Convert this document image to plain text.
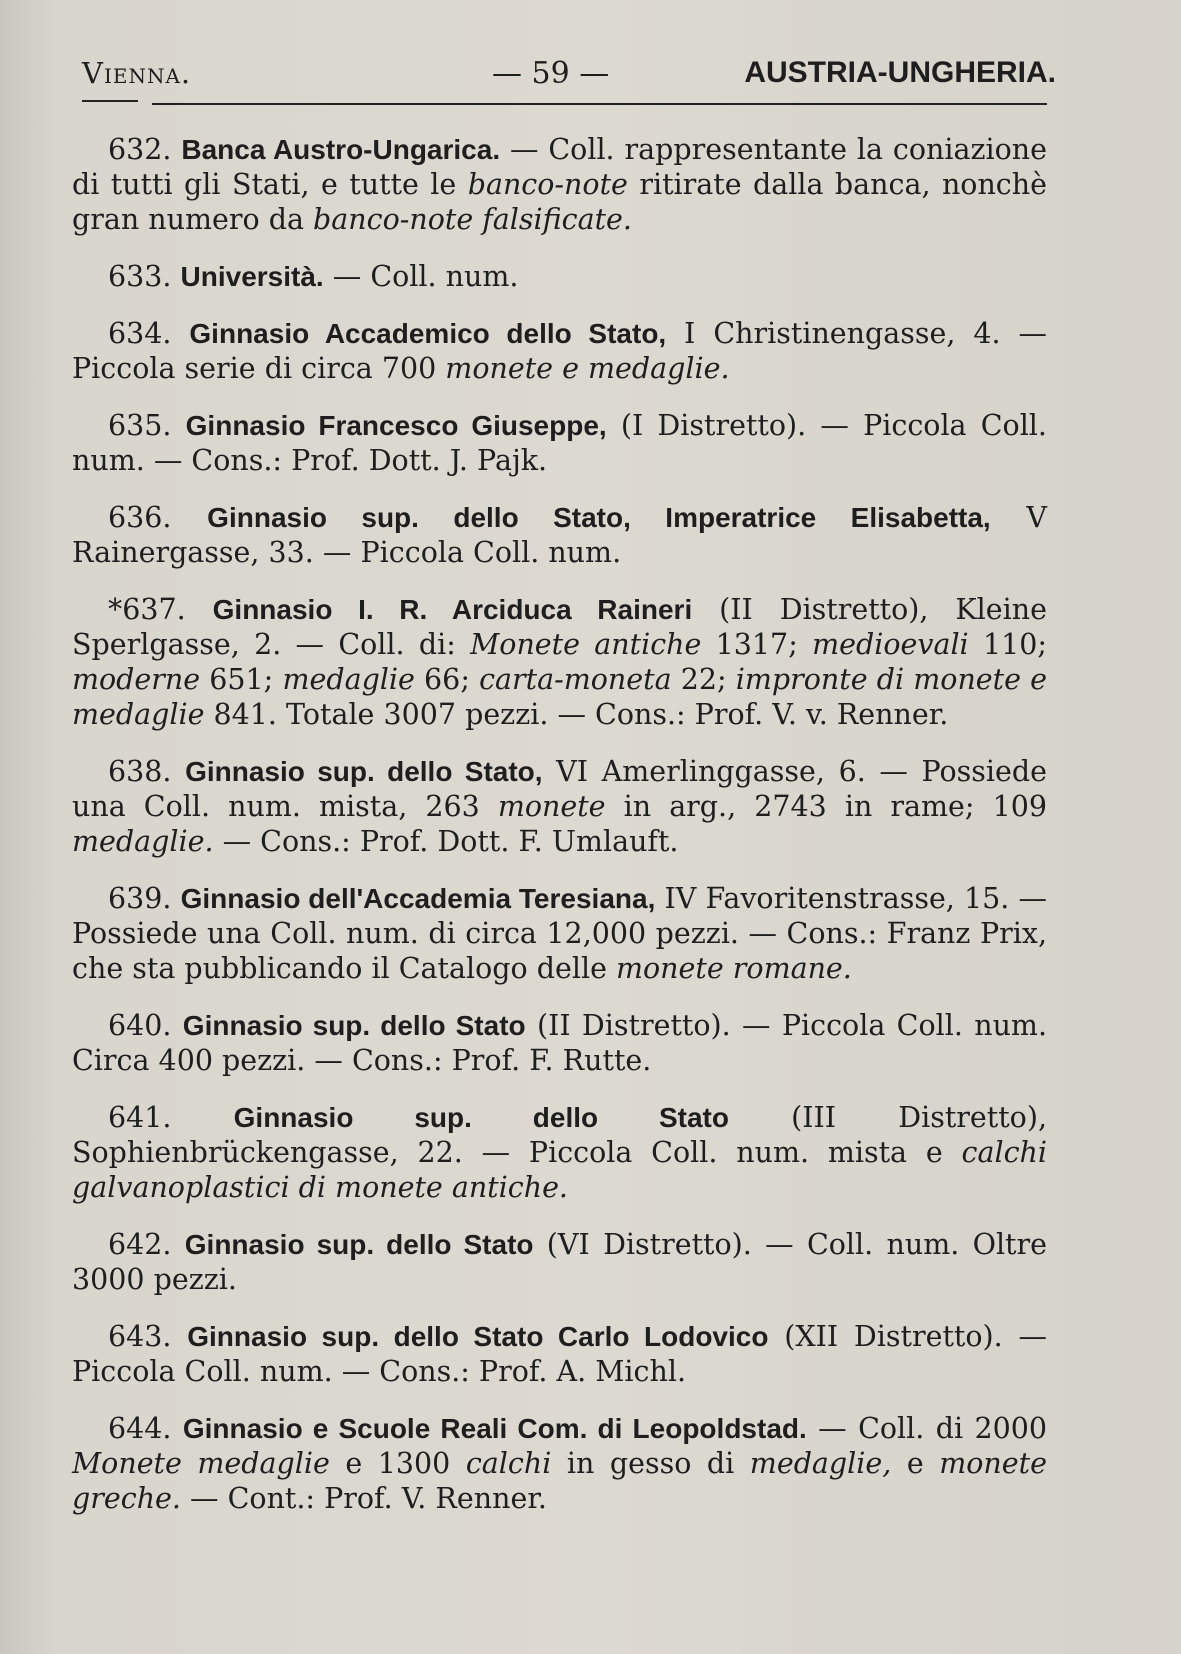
Vienna.	— 59 —	AUSTRIA-UNGHERIA.

632. Banca Austro-Ungarica. — Coll. rappresentante la coniazione di tutti gli Stati, e tutte le banco-note ritirate dalla banca, nonchè gran numero da banco-note falsificate.

633. Università. — Coll. num.

634. Ginnasio Accademico dello Stato, I Christinengasse, 4. — Piccola serie di circa 700 monete e medaglie.

635. Ginnasio Francesco Giuseppe, (I Distretto). — Piccola Coll. num. — Cons.: Prof. Dott. J. Pajk.

636. Ginnasio sup. dello Stato, Imperatrice Elisabetta, V Rainergasse, 33. — Piccola Coll. num.

*637. Ginnasio I. R. Arciduca Raineri (II Distretto), Kleine Sperlgasse, 2. — Coll. di: Monete antiche 1317; medioevali 110; moderne 651; medaglie 66; carta-moneta 22; impronte di monete e medaglie 841. Totale 3007 pezzi. — Cons.: Prof. V. v. Renner.

638. Ginnasio sup. dello Stato, VI Amerlinggasse, 6. — Possiede una Coll. num. mista, 263 monete in arg., 2743 in rame; 109 medaglie. — Cons.: Prof. Dott. F. Umlauft.

639. Ginnasio dell'Accademia Teresiana, IV Favoritenstrasse, 15. — Possiede una Coll. num. di circa 12,000 pezzi. — Cons.: Franz Prix, che sta pubblicando il Catalogo delle monete romane.

640. Ginnasio sup. dello Stato (II Distretto). — Piccola Coll. num. Circa 400 pezzi. — Cons.: Prof. F. Rutte.

641. Ginnasio sup. dello Stato (III Distretto), Sophienbrückengasse, 22. — Piccola Coll. num. mista e calchi galvanoplastici di monete antiche.

642. Ginnasio sup. dello Stato (VI Distretto). — Coll. num. Oltre 3000 pezzi.

643. Ginnasio sup. dello Stato Carlo Lodovico (XII Distretto). — Piccola Coll. num. — Cons.: Prof. A. Michl.

644. Ginnasio e Scuole Reali Com. di Leopoldstad. — Coll. di 2000 Monete medaglie e 1300 calchi in gesso di medaglie, e monete greche. — Cont.: Prof. V. Renner.
